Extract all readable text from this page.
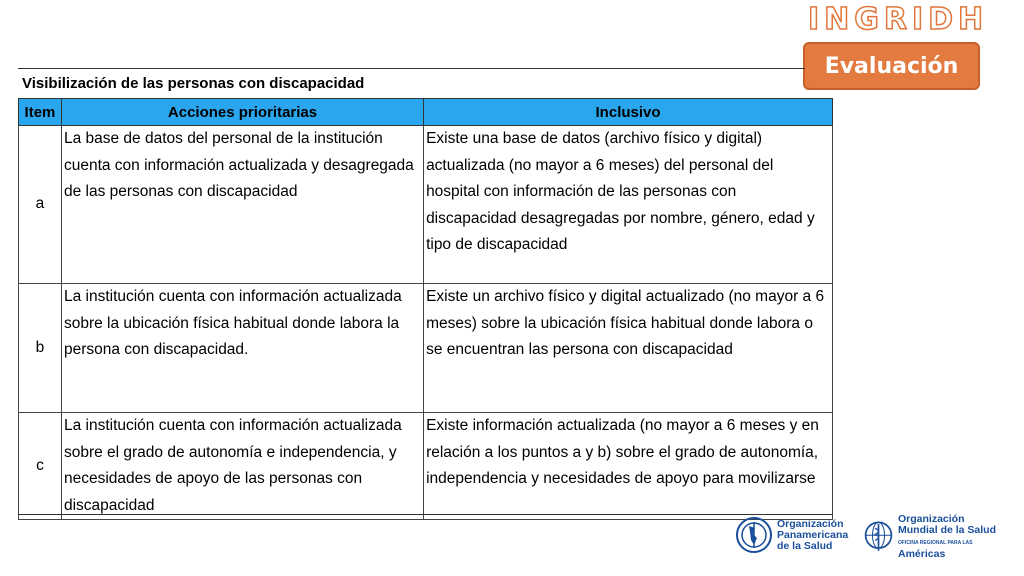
INGRIDH
Evaluación
Visibilización de las personas con discapacidad
Item	Acciones prioritarias	Inclusivo
a	La base de datos del personal de la institución cuenta con información actualizada y desagregada de las personas con discapacidad	Existe una base de datos (archivo físico y digital) actualizada (no mayor a 6 meses) del personal del hospital con información de las personas con discapacidad desagregadas por nombre, género, edad y tipo de discapacidad
b	La institución cuenta con información actualizada sobre la ubicación física habitual donde labora la persona con discapacidad.	Existe un archivo físico y digital actualizado (no mayor a 6 meses) sobre la ubicación física habitual donde labora o se encuentran las persona con discapacidad
c	La institución cuenta con información actualizada sobre el grado de autonomía e independencia, y necesidades de apoyo de las personas con discapacidad	Existe información actualizada (no mayor a 6 meses y en relación a los puntos a y b) sobre el grado de autonomía, independencia y necesidades de apoyo para movilizarse
Organización
Panamericana
de la Salud
Organización
Mundial de la Salud
OFICINA REGIONAL PARA LAS Américas
